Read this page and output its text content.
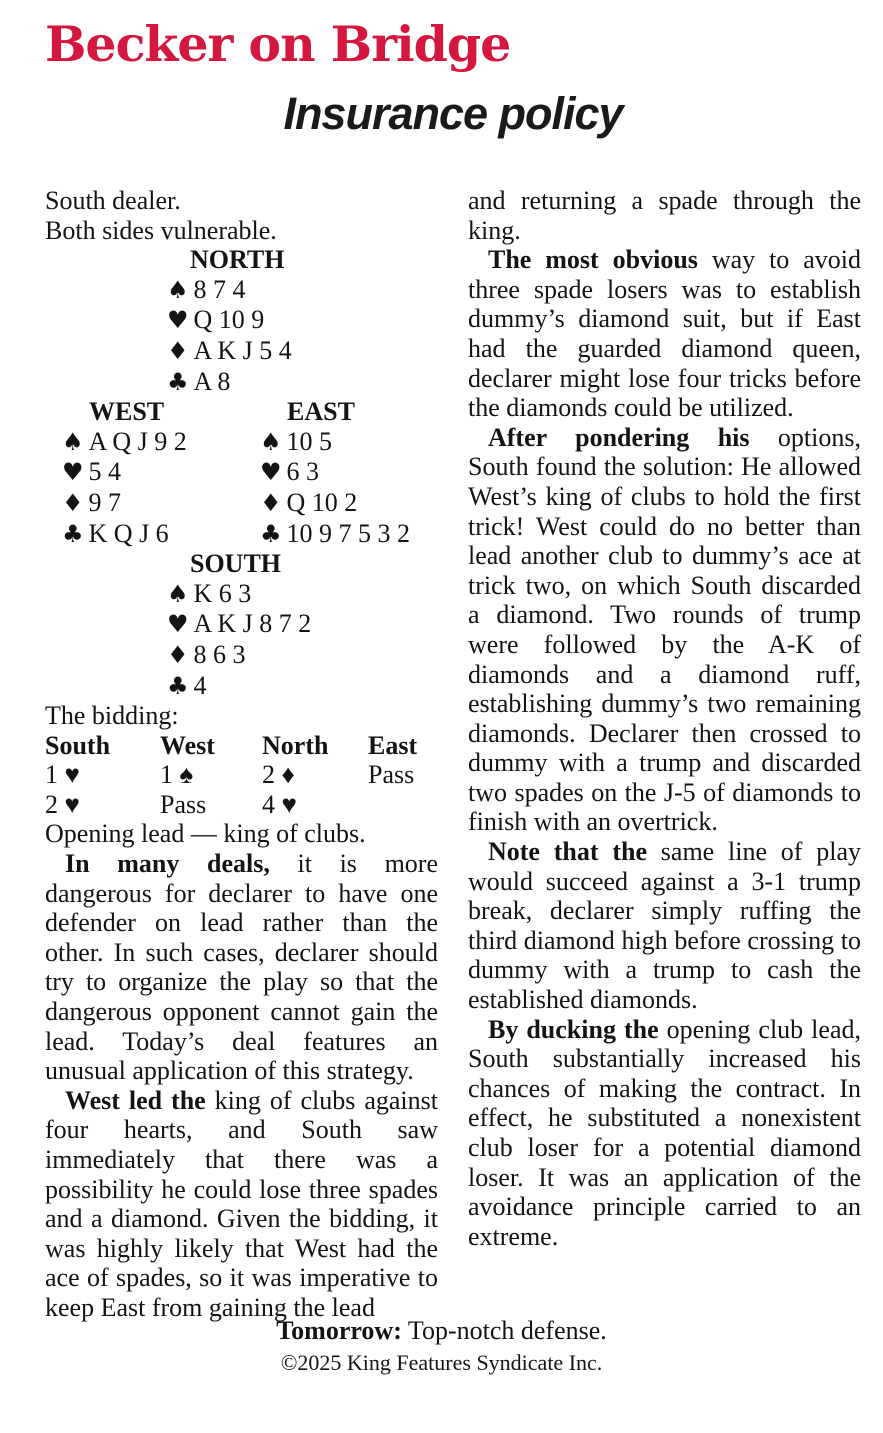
Becker on Bridge
Insurance policy
South dealer.
Both sides vulnerable.
NORTH
♠ 8 7 4
♥ Q 10 9
♦ A K J 5 4
♣ A 8
WEST
♠ A Q J 9 2
♥ 5 4
♦ 9 7
♣ K Q J 6
EAST
♠ 10 5
♥ 6 3
♦ Q 10 2
♣ 10 9 7 5 3 2
SOUTH
♠ K 6 3
♥ A K J 8 7 2
♦ 8 6 3
♣ 4
The bidding:
South	West	North	East
1 ♥	1 ♠	2 ♦	Pass
2 ♥	Pass	4 ♥
Opening lead — king of clubs.

In many deals, it is more dangerous for declarer to have one defender on lead rather than the other. In such cases, declarer should try to organize the play so that the dangerous opponent cannot gain the lead. Today’s deal features an unusual application of this strategy.

West led the king of clubs against four hearts, and South saw immediately that there was a possibility he could lose three spades and a diamond. Given the bidding, it was highly likely that West had the ace of spades, so it was imperative to keep East from gaining the lead

and returning a spade through the king.

The most obvious way to avoid three spade losers was to establish dummy’s diamond suit, but if East had the guarded diamond queen, declarer might lose four tricks before the diamonds could be utilized.

After pondering his options, South found the solution: He allowed West’s king of clubs to hold the first trick! West could do no better than lead another club to dummy’s ace at trick two, on which South discarded a diamond. Two rounds of trump were followed by the A-K of diamonds and a diamond ruff, establishing dummy’s two remaining diamonds. Declarer then crossed to dummy with a trump and discarded two spades on the J-5 of diamonds to finish with an overtrick.

Note that the same line of play would succeed against a 3-1 trump break, declarer simply ruffing the third diamond high before crossing to dummy with a trump to cash the established diamonds.

By ducking the opening club lead, South substantially increased his chances of making the contract. In effect, he substituted a nonexistent club loser for a potential diamond loser. It was an application of the avoidance principle carried to an extreme.

Tomorrow: Top-notch defense.
©2025 King Features Syndicate Inc.
